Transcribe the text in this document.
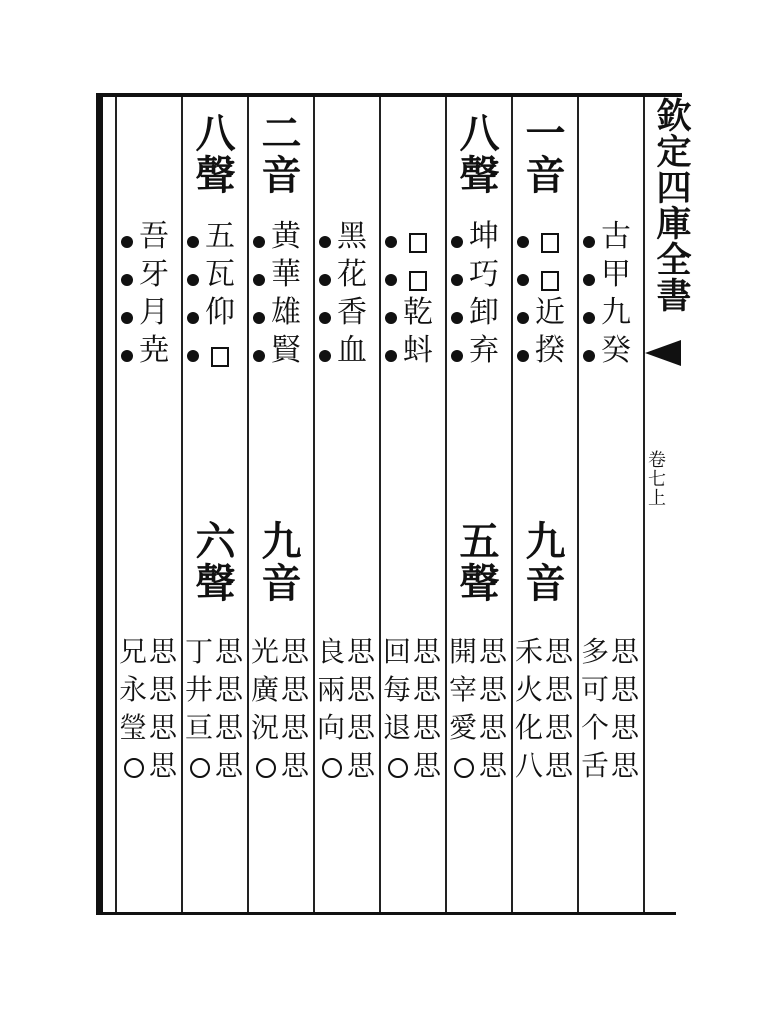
欽定四庫全書
卷七上
古
甲
九
癸
思
思
思
思
多
可
个
舌
一音
近
揆
九音
思
思
思
思
禾
火
化
八
八聲
坤
巧
卸
弃
五聲
思
思
思
思
開
宰
愛
乾
蚪
思
思
思
思
回
每
退
黑
花
香
血
思
思
思
思
良
兩
向
二音
黄
華
雄
賢
九音
思
思
思
思
光
廣
況
八聲
五
瓦
仰
六聲
思
思
思
思
丁
井
亘
吾
牙
月
尭
思
思
思
思
兄
永
瑩
